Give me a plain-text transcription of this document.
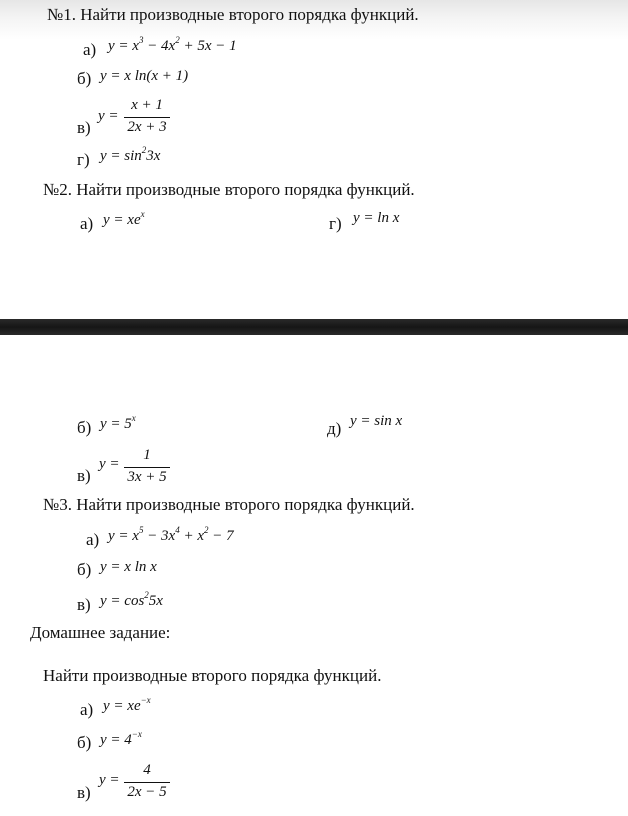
№1. Найти производные второго порядка функций.
а) $y = x^3 - 4x^2 + 5x - 1$
б) y = x ln(x + 1)
в)
y =
x + 1
2x + 3
г) $y = \sin^23x$
№2. Найти производные второго порядка функций.
а) $y = xe^x$	г) y = ln x
б) $y = 5^x$
д) y = sin x
в)
y =
1
3x + 5
№3. Найти производные второго порядка функций.
а) $y = x^5 - 3x^4 + x^2 - 7$
б) y = x ln x
в) $y = \cos^25x$
Домашнее задание:
Найти производные второго порядка функций.
а) $y = xe^{-x}$
б) $y = 4^{-x}$
в)
y =
4
2x − 5
